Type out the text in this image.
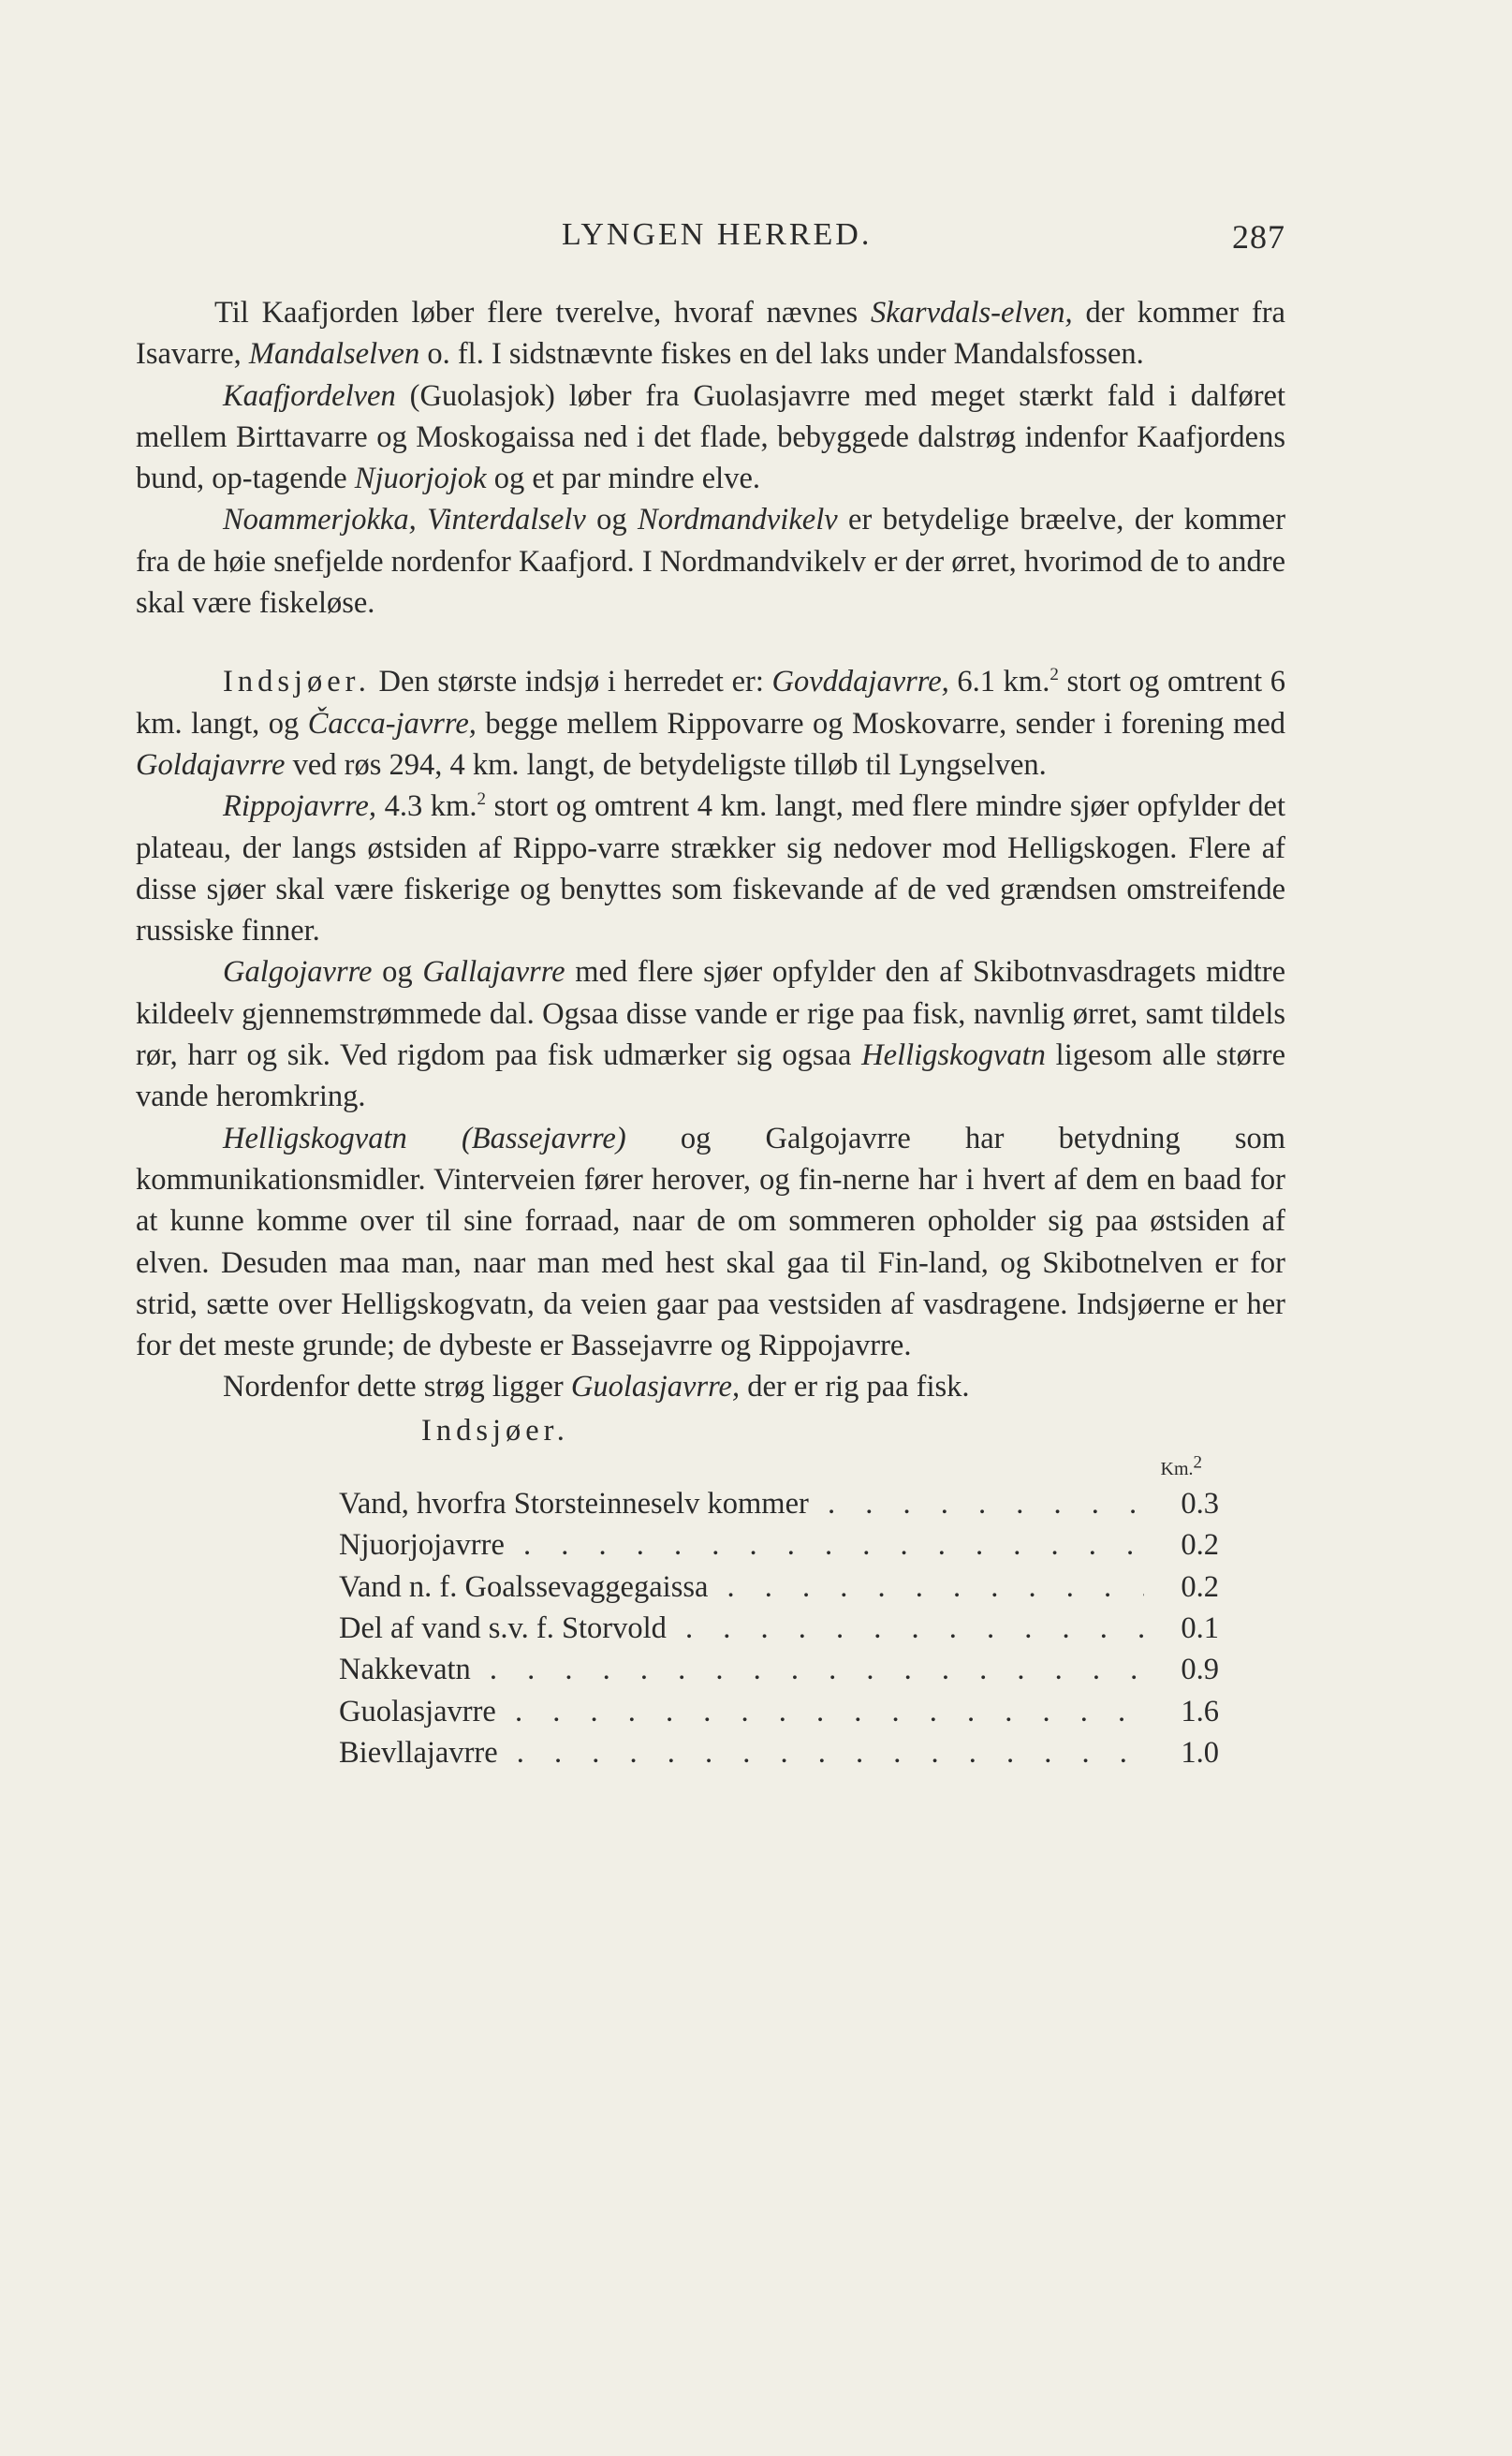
LYNGEN HERRED.	287

Til Kaafjorden løber flere tverelve, hvoraf nævnes Skarvdals-elven, der kommer fra Isavarre, Mandalselven o. fl. I sidstnævnte fiskes en del laks under Mandalsfossen.

Kaafjordelven (Guolasjok) løber fra Guolasjavrre med meget stærkt fald i dalføret mellem Birttavarre og Moskogaissa ned i det flade, bebyggede dalstrøg indenfor Kaafjordens bund, op-tagende Njuorjojok og et par mindre elve.

Noammerjokka, Vinterdalselv og Nordmandvikelv er betydelige bræelve, der kommer fra de høie snefjelde nordenfor Kaafjord. I Nordmandvikelv er der ørret, hvorimod de to andre skal være fiskeløse.

Indsjøer. Den største indsjø i herredet er: Govddajavrre, 6.1 km.$^2$ stort og omtrent 6 km. langt, og Čacca-javrre, begge mellem Rippovarre og Moskovarre, sender i forening med Goldajavrre ved røs 294, 4 km. langt, de betydeligste tilløb til Lyngselven.

Rippojavrre, 4.3 km.$^2$ stort og omtrent 4 km. langt, med flere mindre sjøer opfylder det plateau, der langs østsiden af Rippo-varre strækker sig nedover mod Helligskogen. Flere af disse sjøer skal være fiskerige og benyttes som fiskevande af de ved grændsen omstreifende russiske finner.

Galgojavrre og Gallajavrre med flere sjøer opfylder den af Skibotnvasdragets midtre kildeelv gjennemstrømmede dal. Ogsaa disse vande er rige paa fisk, navnlig ørret, samt tildels rør, harr og sik. Ved rigdom paa fisk udmærker sig ogsaa Helligskogvatn ligesom alle større vande heromkring.

Helligskogvatn (Bassejavrre) og Galgojavrre har betydning som kommunikationsmidler. Vinterveien fører herover, og fin-nerne har i hvert af dem en baad for at kunne komme over til sine forraad, naar de om sommeren opholder sig paa østsiden af elven. Desuden maa man, naar man med hest skal gaa til Fin-land, og Skibotnelven er for strid, sætte over Helligskogvatn, da veien gaar paa vestsiden af vasdragene. Indsjøerne er her for det meste grunde; de dybeste er Bassejavrre og Rippojavrre.

Nordenfor dette strøg ligger Guolasjavrre, der er rig paa fisk.

Indsjøer.
Km.$^2$
Vand, hvorfra Storsteinneselv kommer . . .	0.3
Njuorjojavrre . . .	0.2
Vand n. f. Goalssevaggegaissa . . .	0.2
Del af vand s.v. f. Storvold . . .	0.1
Nakkevatn . . .	0.9
Guolasjavrre . . .	1.6
Bievllajavrre . . .	1.0
